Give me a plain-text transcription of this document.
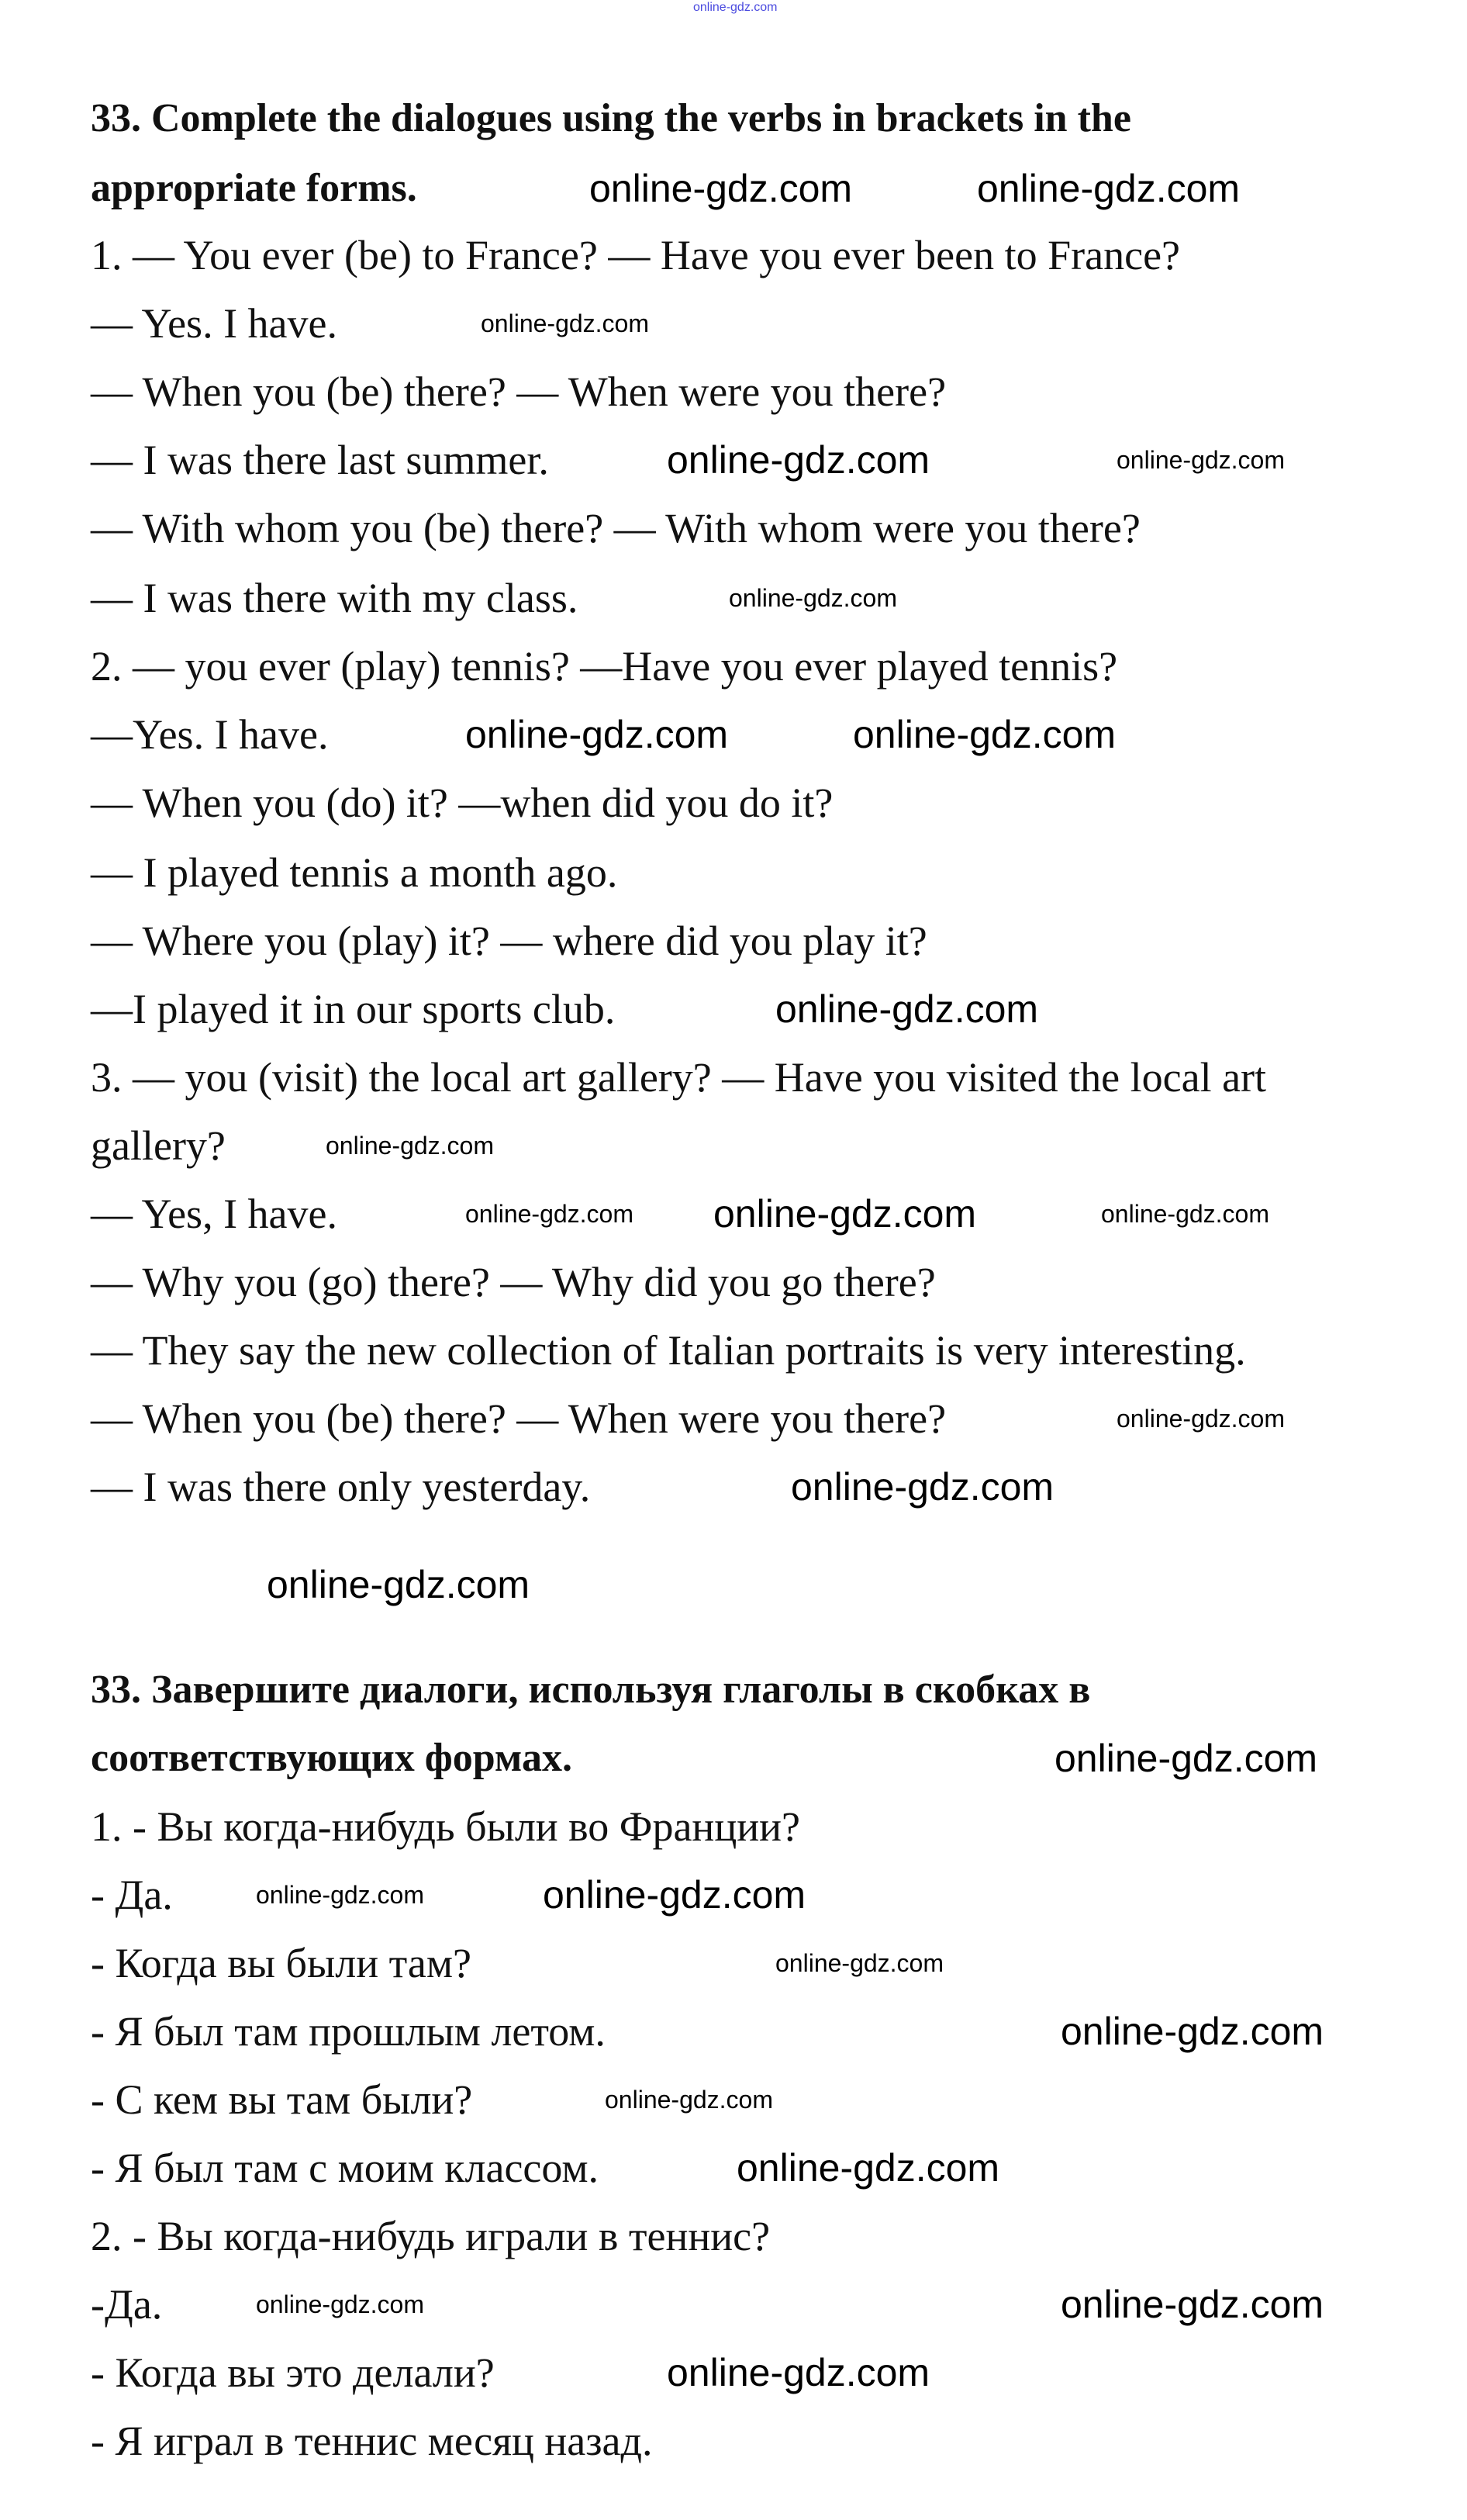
33. Complete the dialogues using the verbs in brackets in the
appropriate forms.
1. — You ever (be) to France? — Have you ever been to France?
— Yes. I have.
— When you (be) there? — When were you there?
— I was there last summer.
— With whom you (be) there? — With whom were you there?
— I was there with my class.
2. — you ever (play) tennis? —Have you ever played tennis?
—Yes. I have.
— When you (do) it? —when did you do it?
— I played tennis a month ago.
— Where you (play) it? — where did you play it?
—I played it in our sports club.
3. — you (visit) the local art gallery? — Have you visited the local art
gallery?
— Yes, I have.
— Why you (go) there? — Why did you go there?
— They say the new collection of Italian portraits is very interesting.
— When you (be) there? — When were you there?
— I was there only yesterday.
33. Завершите диалоги, используя глаголы в скобках в
соответствующих формах.
1. - Вы когда-нибудь были во Франции?
- Да.
- Когда вы были там?
- Я был там прошлым летом.
- С кем вы там были?
- Я был там с моим классом.
2. - Вы когда-нибудь играли в теннис?
-Да.
- Когда вы это делали?
- Я играл в теннис месяц назад.
online-gdz.com
online-gdz.com	online-gdz.com
online-gdz.com
online-gdz.com	online-gdz.com
online-gdz.com
online-gdz.com
online-gdz.com
online-gdz.com
online-gdz.com
online-gdz.com
online-gdz.com
online-gdz.com
online-gdz.com
online-gdz.com
online-gdz.com
online-gdz.com
online-gdz.com
online-gdz.com
online-gdz.com	online-gdz.com
online-gdz.com
online-gdz.com
online-gdz.com
online-gdz.com
online-gdz.com
